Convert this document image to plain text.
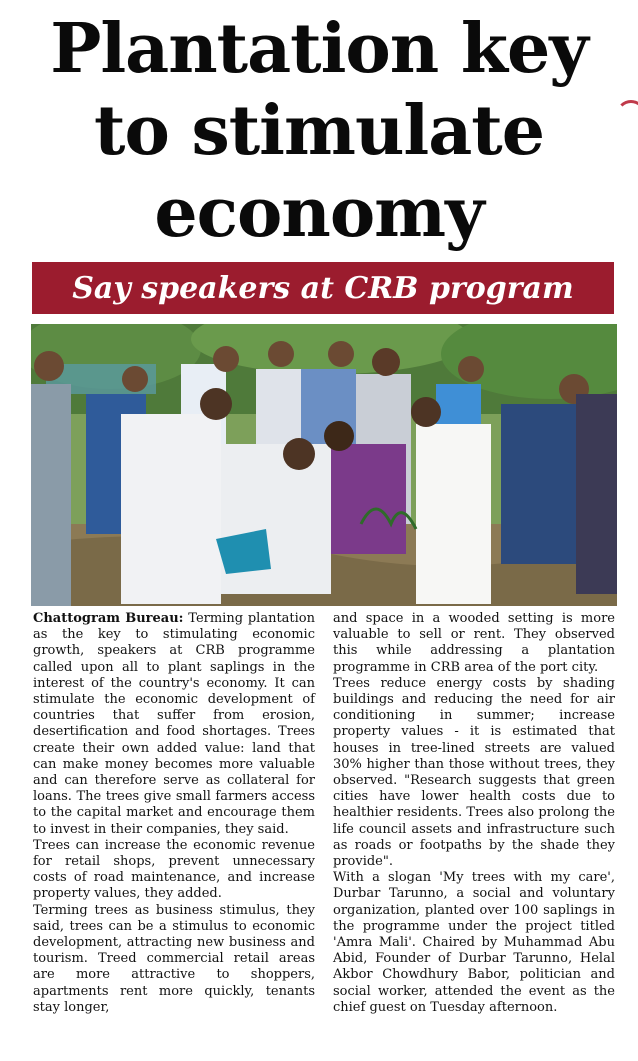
Plantation key
to stimulate
economy
Say speakers at CRB program

Chattogram Bureau: Terming plantation as the key to stimulating economic growth, speakers at CRB programme called upon all to plant saplings in the interest of the country's economy. It can stimulate the economic development of countries that suffer from erosion, desertification and food shortages. Trees create their own added value: land that can make money becomes more valuable and can therefore serve as collateral for loans. The trees give small farmers access to the capital market and encourage them to invest in their companies, they said.

Trees can increase the economic revenue for retail shops, prevent unnecessary costs of road maintenance, and increase property values, they added.

Terming trees as business stimulus, they said, trees can be a stimulus to economic development, attracting new business and tourism. Treed commercial retail areas are more attractive to shoppers, apartments rent more quickly, tenants stay longer,

and space in a wooded setting is more valuable to sell or rent. They observed this while addressing a plantation programme in CRB area of the port city.

Trees reduce energy costs by shading buildings and reducing the need for air conditioning in summer; increase property values - it is estimated that houses in tree-lined streets are valued 30% higher than those without trees, they observed. "Research suggests that green cities have lower health costs due to healthier residents. Trees also prolong the life council assets and infrastructure such as roads or footpaths by the shade they provide".

With a slogan 'My trees with my care', Durbar Tarunno, a social and voluntary organization, planted over 100 saplings in the programme under the project titled 'Amra Mali'. Chaired by Muhammad Abu Abid, Founder of Durbar Tarunno, Helal Akbor Chowdhury Babor, politician and social worker, attended the event as the chief guest on Tuesday afternoon.
